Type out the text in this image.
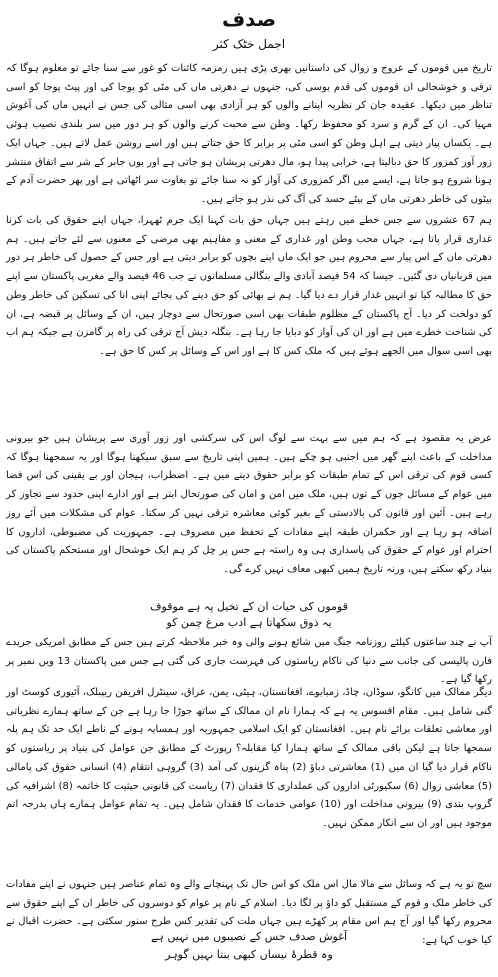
صدف
اجمل خٹک کثر
تاریخ میں قوموں کے عروج و زوال کی داستانیں بھری پڑی ہیں زمزمہ کائنات کو غور سے سنا جائے تو معلوم ہوگا کہ ترقی و خوشحالی ان قوموں کی قدم بوسی کی، جنہوں نے دھرتی ماں کی مٹی کو پوجا کی اور پیٹ پوجا کو اسی تناظر میں دیکھا۔ عقیدہ جان کر نظریہ اپنانے والوں کو ہر آزادی بھی اسی مثالی کی جس نے انہیں ماں کی آغوش مہیا کی۔ ان کے گرم و سرد کو محفوظ رکھا۔ وطن سے محبت کرنے والوں کو ہر دور میں سر بلندی نصیب ہوئی ہے۔ یکساں پیار دیتی ہے اہل وطن کو اسی مٹی پر برابر کا حق جتاتے ہیں اور اسے روشن عمل لاتے ہیں۔ جہاں ایک زور آور کمزور کا حق دبالیتا ہے، خرابی پیدا ہو، مال دھرتی پریشان ہو جاتی ہے اور یوں جابر کے شر سے اتفاق منتشر ہونا شروع ہو جاتا ہے، ایسے میں اگر کمزوری کی آواز کو نہ سنا جائے تو بغاوت سر اٹھاتی ہے اور پھر حضرت آدم کے بیٹوں کی خاطر دھرتی ماں کے بیٹے حسد کی آگ کی نذر ہو جاتے ہیں۔
ہم 67 عشروں سے جس خطے میں رہتے ہیں جہاں حق بات کہنا ایک جرم ٹھہرا، جہاں اپنے حقوق کی بات کرنا غداری قرار پاتا ہے، جہاں محب وطن اور غداری کے معنی و مفاہیم بھی مرضی کے معنوں سے لئے جاتے ہیں۔ ہم دھرتی ماں کے اس پیار سے محروم ہیں جو ایک ماں اپنے بچوں کو برابر دیتی ہے اور جس کے حصول کی خاطر ہر دور میں قربانیاں دی گئیں۔ جیسا کہ 54 فیصد آبادی والے بنگالی مسلمانوں نے جب 46 فیصد والے مغربی پاکستان سے اپنے حق کا مطالبہ کیا تو انہیں غدار قرار دے دیا گیا۔ ہم نے بھائی کو حق دینے کی بجائے اپنی انا کی تسکین کی خاطر وطن کو دولخت کر دیا۔ آج پاکستان کے مظلوم طبقات بھی اسی صورتحال سے دوچار ہیں، ان کے وسائل پر قبضہ ہے، ان کی شناخت خطرے میں ہے اور ان کی آواز کو دبایا جا رہا ہے۔ بنگلہ دیش آج ترقی کی راہ پر گامزن ہے جبکہ ہم اب بھی اسی سوال میں الجھے ہوئے ہیں کہ ملک کس کا ہے اور اس کے وسائل پر کس کا حق ہے۔
عرض یہ مقصود ہے کہ ہم میں سے بہت سے لوگ اس کی سرکشی اور زور آوری سے پریشان ہیں جو بیرونی مداخلت کے باعث اپنے گھر میں اجنبی ہو چکے ہیں۔ ہمیں اپنی تاریخ سے سبق سیکھنا ہوگا اور یہ سمجھنا ہوگا کہ کسی قوم کی ترقی اس کے تمام طبقات کو برابر حقوق دینے میں ہے۔ اضطراب، ہیجان اور بے یقینی کی اس فضا میں عوام کے مسائل جوں کے توں ہیں، ملک میں امن و امان کی صورتحال ابتر ہے اور ادارے اپنی حدود سے تجاوز کر رہے ہیں۔ آئین اور قانون کی بالادستی کے بغیر کوئی معاشرہ ترقی نہیں کر سکتا۔ عوام کی مشکلات میں آئے روز اضافہ ہو رہا ہے اور حکمران طبقہ اپنے مفادات کے تحفظ میں مصروف ہے۔ جمہوریت کی مضبوطی، اداروں کا احترام اور عوام کے حقوق کی پاسداری ہی وہ راستہ ہے جس پر چل کر ہم ایک خوشحال اور مستحکم پاکستان کی بنیاد رکھ سکتے ہیں، ورنہ تاریخ ہمیں کبھی معاف نہیں کرے گی۔
قوموں کی حیات ان کے تخیل پہ ہے موقوف
یہ ذوق سکھاتا ہے ادب مرغ چمن کو
آپ نے چند ساعتوں کیلئے روزنامہ جنگ میں شائع ہونے والی وہ خبر ملاحظہ کرتے ہیں جس کے مطابق امریکی جریدے فارن پالیسی کی جانب سے دنیا کی ناکام ریاستوں کی فہرست جاری کی گئی ہے جس میں پاکستان 13 ویں نمبر پر رکھا گیا ہے۔
دیگر ممالک میں کانگو، سوڈان، چاڈ، زمبابوے، افغانستان، ہیٹی، یمن، عراق، سینٹرل افریقن ریپبلک، آئیوری کوسٹ اور گنی شامل ہیں۔ مقام افسوس یہ ہے کہ ہمارا نام ان ممالک کے ساتھ جوڑا جا رہا ہے جن کے ساتھ ہمارے نظریاتی اور معاشی تعلقات برائے نام ہیں۔ افغانستان کو ایک اسلامی جمہوریہ اور ہمسایہ ہونے کے ناطے ایک حد تک ہم پلہ سمجھا جاتا ہے لیکن باقی ممالک کے ساتھ ہمارا کیا مقابلہ؟ رپورٹ کے مطابق جن عوامل کی بنیاد پر ریاستوں کو ناکام قرار دیا گیا ان میں (1) معاشرتی دباؤ (2) پناہ گزینوں کی آمد (3) گروہی انتقام (4) انسانی حقوق کی پامالی (5) معاشی زوال (6) سکیورٹی اداروں کی عملداری کا فقدان (7) ریاست کی قانونی حیثیت کا خاتمہ (8) اشرافیہ کی گروپ بندی (9) بیرونی مداخلت اور (10) عوامی خدمات کا فقدان شامل ہیں۔ یہ تمام عوامل ہمارے ہاں بدرجہ اتم موجود ہیں اور ان سے انکار ممکن نہیں۔
سچ تو یہ ہے کہ وسائل سے مالا مال اس ملک کو اس حال تک پہنچانے والے وہ تمام عناصر ہیں جنہوں نے اپنے مفادات کی خاطر ملک و قوم کے مستقبل کو داؤ پر لگا دیا۔ اسلام کے نام پر عوام کو دوسروں کی خاطر ان کے اپنے حقوق سے محروم رکھا گیا اور آج ہم اس مقام پر کھڑے ہیں جہاں ملت کی تقدیر کس طرح سنور سکتی ہے۔ حضرت اقبال نے کیا خوب کہا ہے:
آغوش صدف جس کے نصیبوں میں نہیں ہے
وہ قطرۂ نیساں کبھی بنتا نہیں گوہر
